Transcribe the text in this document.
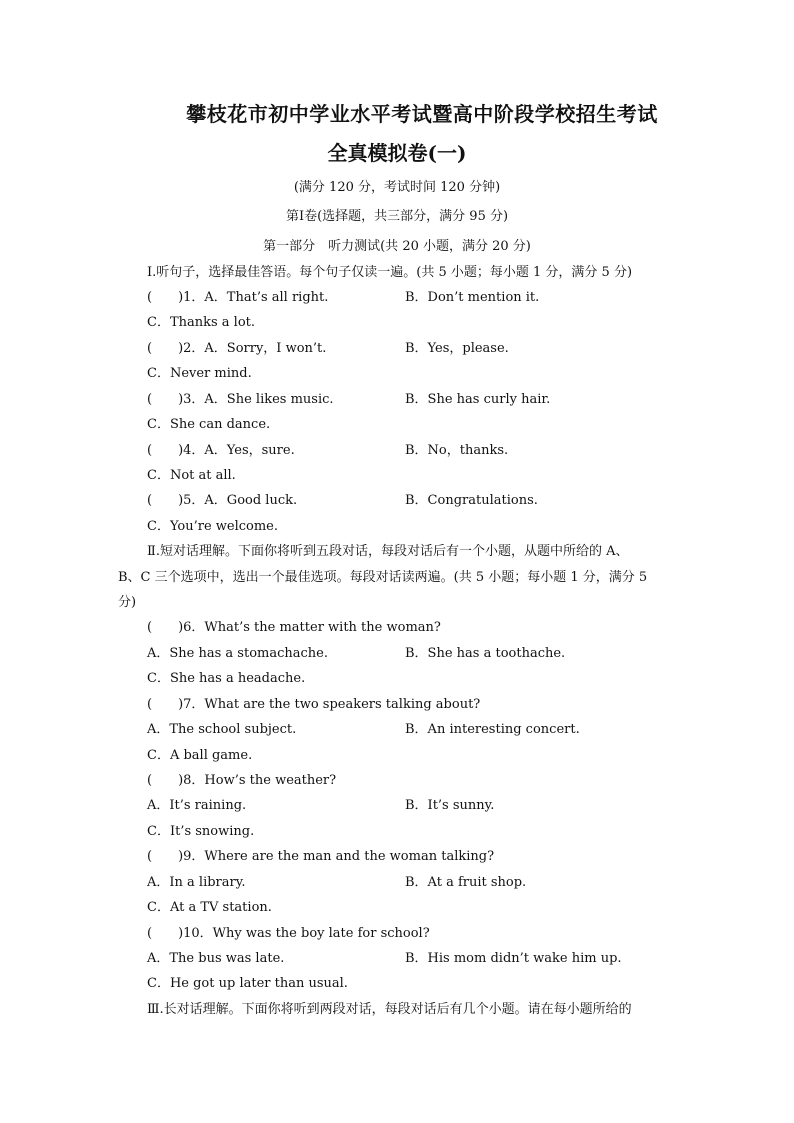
攀枝花市初中学业水平考试暨高中阶段学校招生考试
全真模拟卷(一)
(满分 120 分，考试时间 120 分钟)
第Ⅰ卷(选择题，共三部分，满分 95 分)
第一部分　听力测试(共 20 小题，满分 20 分)
Ⅰ.听句子，选择最佳答语。每个句子仅读一遍。(共 5 小题；每小题 1 分，满分 5 分)
(　　)1．A．That’s all right.	B．Don’t mention it.
C．Thanks a lot.
(　　)2．A．Sorry，I won’t.	B．Yes，please.
C．Never mind.
(　　)3．A．She likes music.	B．She has curly hair.
C．She can dance.
(　　)4．A．Yes，sure.	B．No，thanks.
C．Not at all.
(　　)5．A．Good luck.	B．Congratulations.
C．You’re welcome.
Ⅱ.短对话理解。下面你将听到五段对话，每段对话后有一个小题，从题中所给的 A、
B、C 三个选项中，选出一个最佳选项。每段对话读两遍。(共 5 小题；每小题 1 分，满分 5
分)
(　　)6．What’s the matter with the woman?
A．She has a stomachache.	B．She has a toothache.
C．She has a headache.
(　　)7．What are the two speakers talking about?
A．The school subject.	B．An interesting concert.
C．A ball game.
(　　)8．How’s the weather?
A．It’s raining.	B．It’s sunny.
C．It’s snowing.
(　　)9．Where are the man and the woman talking?
A．In a library.	B．At a fruit shop.
C．At a TV station.
(　　)10．Why was the boy late for school?
A．The bus was late.	B．His mom didn’t wake him up.
C．He got up later than usual.
Ⅲ.长对话理解。下面你将听到两段对话，每段对话后有几个小题。请在每小题所给的
